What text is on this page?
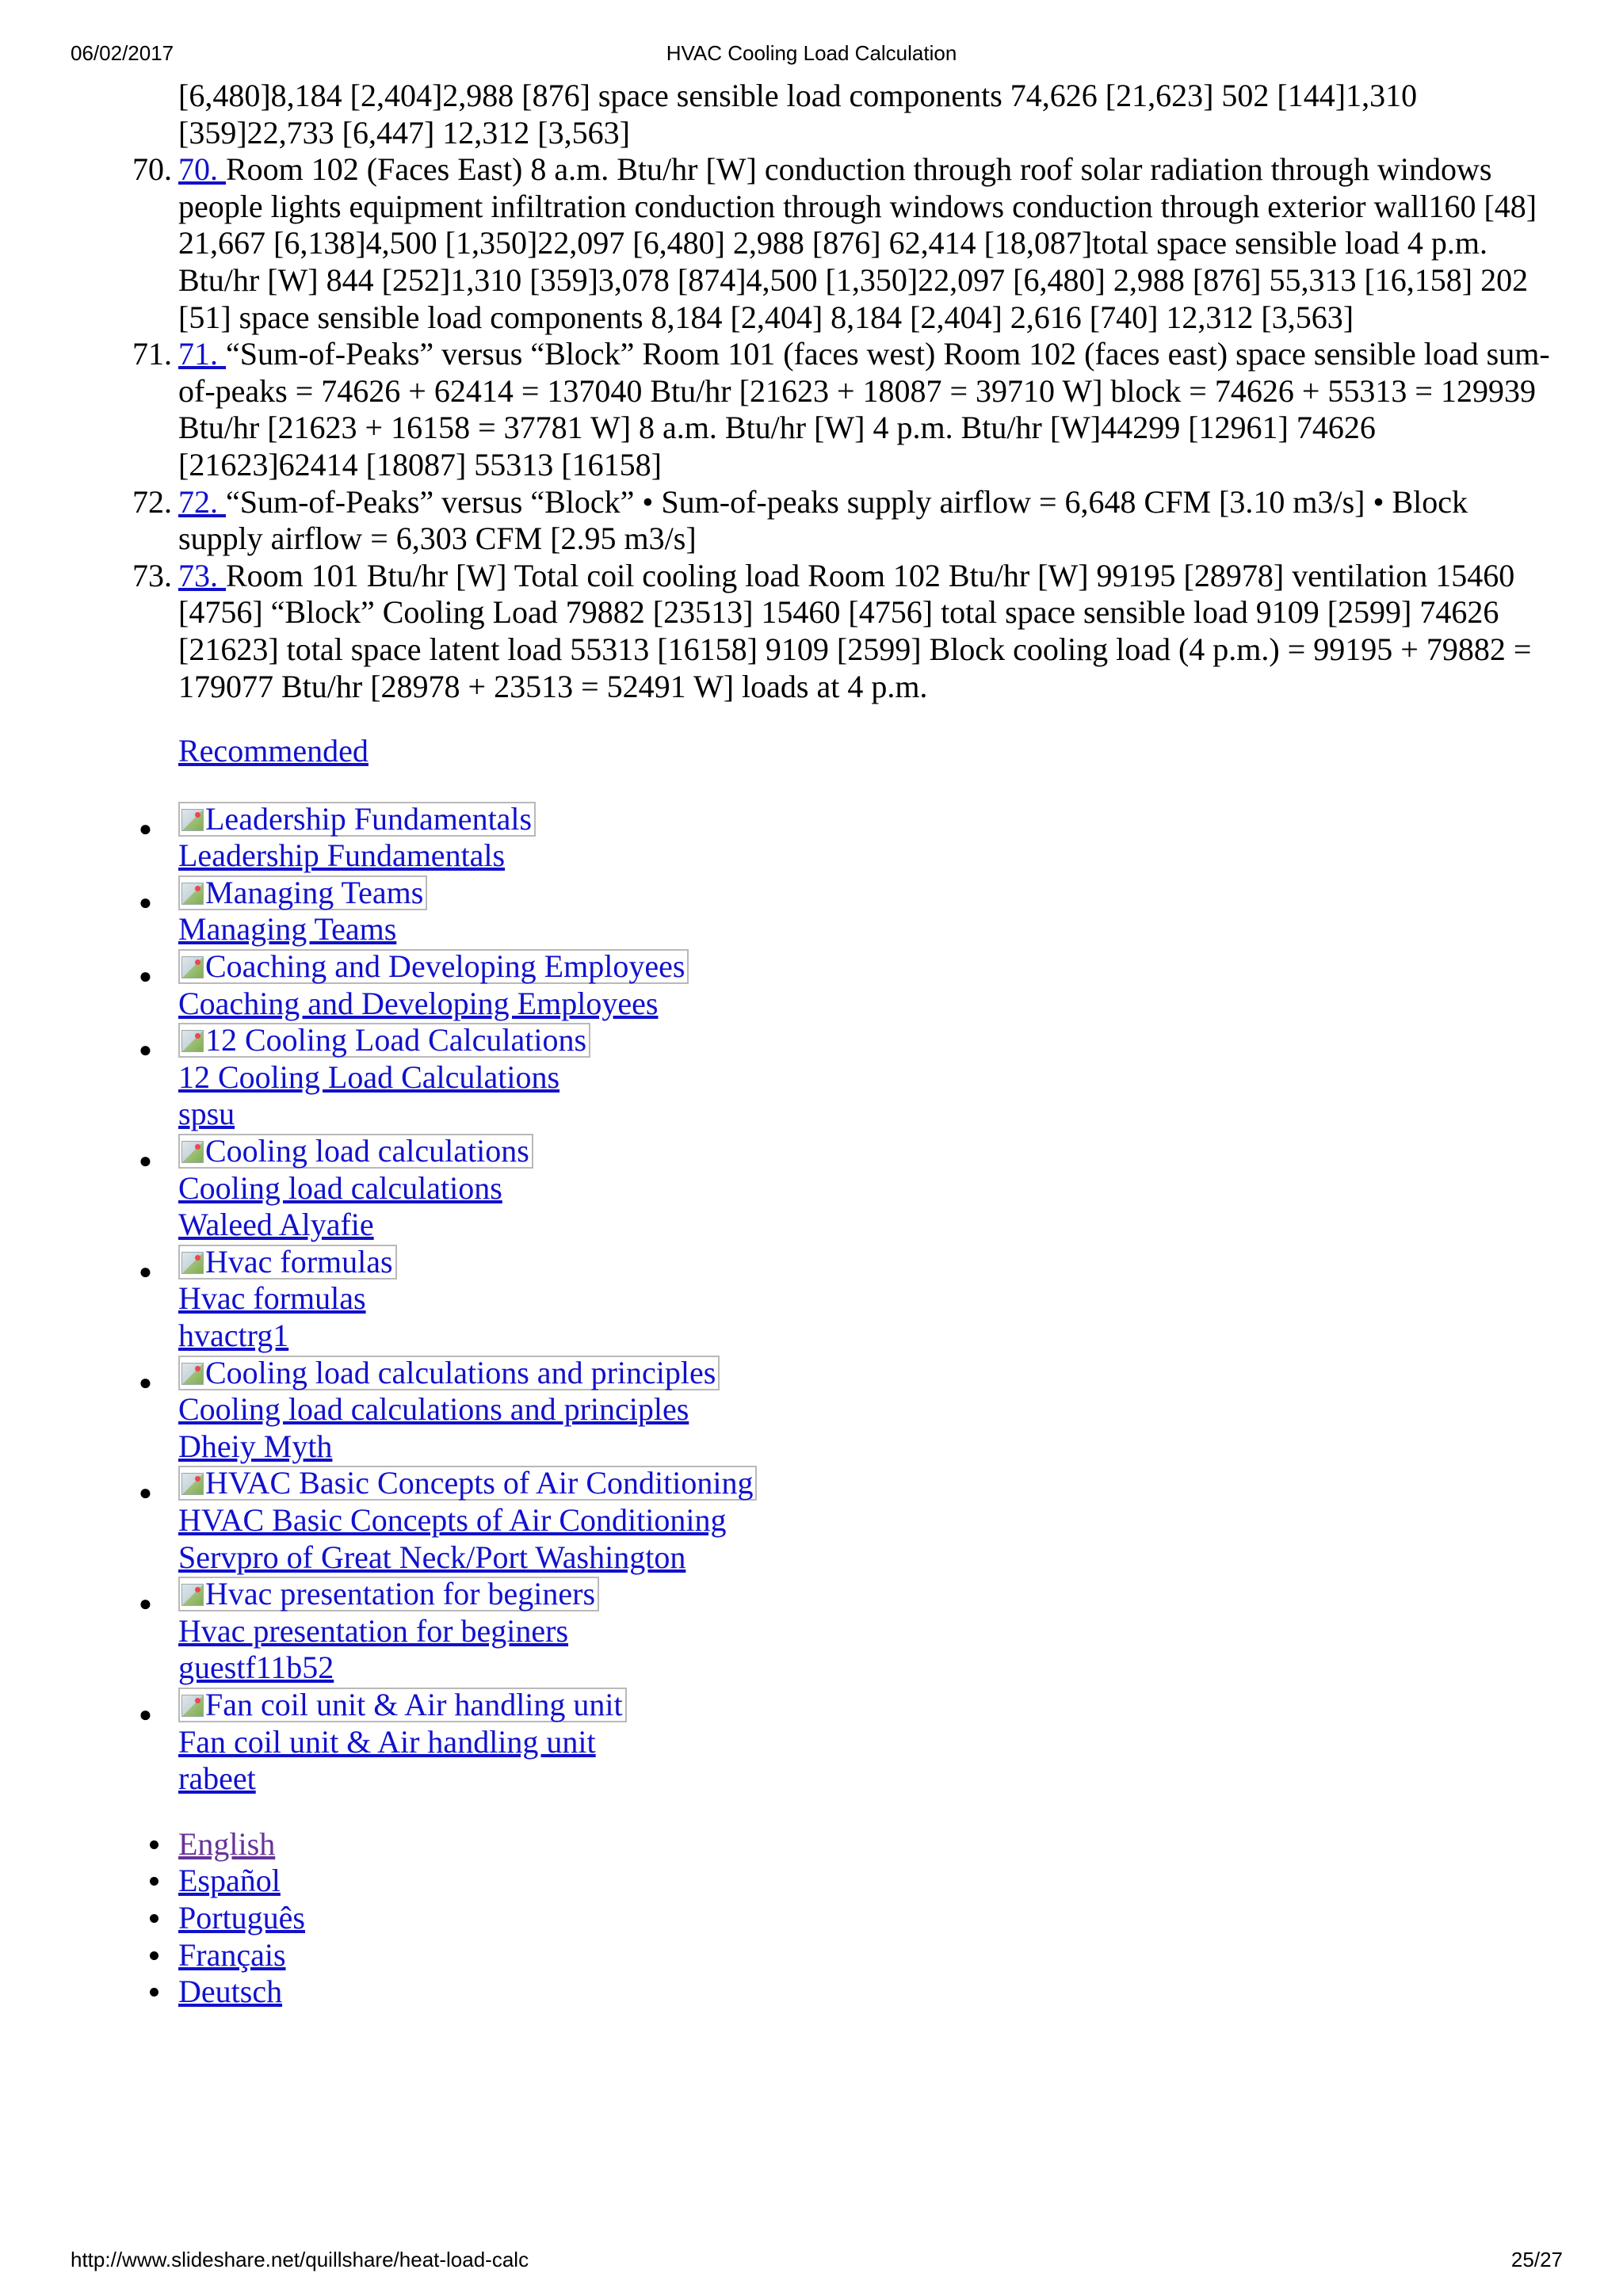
06/02/2017	HVAC Cooling Load Calculation

[6,480]8,184 [2,404]2,988 [876] space sensible load components 74,626 [21,623] 502 [144]1,310 [359]22,733 [6,447] 12,312 [3,563]

70. 70. Room 102 (Faces East) 8 a.m. Btu/hr [W] conduction through roof solar radiation through windows people lights equipment infiltration conduction through windows conduction through exterior wall160 [48] 21,667 [6,138]4,500 [1,350]22,097 [6,480] 2,988 [876] 62,414 [18,087]total space sensible load 4 p.m. Btu/hr [W] 844 [252]1,310 [359]3,078 [874]4,500 [1,350]22,097 [6,480] 2,988 [876] 55,313 [16,158] 202 [51] space sensible load components 8,184 [2,404] 8,184 [2,404] 2,616 [740] 12,312 [3,563]
71. 71. “Sum-of-Peaks” versus “Block” Room 101 (faces west) Room 102 (faces east) space sensible load sum-of-peaks = 74626 + 62414 = 137040 Btu/hr [21623 + 18087 = 39710 W] block = 74626 + 55313 = 129939 Btu/hr [21623 + 16158 = 37781 W] 8 a.m. Btu/hr [W] 4 p.m. Btu/hr [W]44299 [12961] 74626 [21623]62414 [18087] 55313 [16158]
72. 72. “Sum-of-Peaks” versus “Block” • Sum-of-peaks supply airflow = 6,648 CFM [3.10 m3/s] • Block supply airflow = 6,303 CFM [2.95 m3/s]
73. 73. Room 101 Btu/hr [W] Total coil cooling load Room 102 Btu/hr [W] 99195 [28978] ventilation 15460 [4756] “Block” Cooling Load 79882 [23513] 15460 [4756] total space sensible load 9109 [2599] 74626 [21623] total space latent load 55313 [16158] 9109 [2599] Block cooling load (4 p.m.) = 99195 + 79882 = 179077 Btu/hr [28978 + 23513 = 52491 W] loads at 4 p.m.
Recommended
●	Leadership Fundamentals
Leadership Fundamentals
●	Managing Teams
Managing Teams
●	Coaching and Developing Employees
Coaching and Developing Employees
●	12 Cooling Load Calculations
12 Cooling Load Calculations
spsu
●	Cooling load calculations
Cooling load calculations
Waleed Alyafie
●	Hvac formulas
Hvac formulas
hvactrg1
●	Cooling load calculations and principles
Cooling load calculations and principles
Dheiy Myth
●	HVAC Basic Concepts of Air Conditioning
HVAC Basic Concepts of Air Conditioning
Servpro of Great Neck/Port Washington
●	Hvac presentation for beginers
Hvac presentation for beginers
guestf11b52
●	Fan coil unit & Air handling unit
Fan coil unit & Air handling unit
rabeet
English
Español
Português
Français
Deutsch
http://www.slideshare.net/quillshare/heat-load-calc	25/27
